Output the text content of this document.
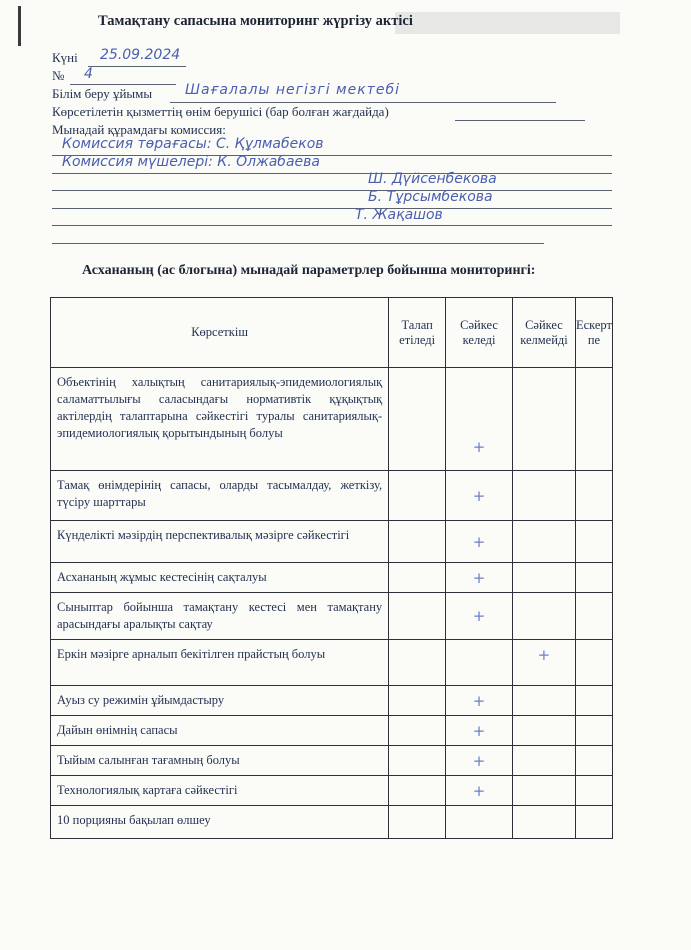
Тамақтану сапасына мониторинг жүргізу актісі
Күні 25.09.2024
№ 4
Білім беру ұйымы Шағалалы негізгі мектебі
Көрсетілетін қызметтің өнім берушісі (бар болған жағдайда)
Мынадай құрамдағы комиссия:
Комиссия төрағасы: С. Құлмабеков
Комиссия мүшелері: К. Олжабаева
Ш. Дүйсенбекова
Б. Тұрсымбекова
Т. Жақашов
Асхананың (ас блогына) мынадай параметрлер бойынша мониторингі:
Көрсеткіш	Талап етіледі	Сәйкес келеді	Сәйкес келмейді	Ескерт пе
Объектінің халықтың санитариялық-эпидемиологиялық саламаттылығы саласындағы нормативтік құқықтық актілердің талаптарына сәйкестігі туралы санитариялық-эпидемиологиялық қорытындының болуы		+		
Тамақ өнімдерінің сапасы, оларды тасымалдау, жеткізу, түсіру шарттары		+		
Күнделікті мәзірдің перспективалық мәзірге сәйкестігі		+		
Асхананың жұмыс кестесінің сақталуы		+		
Сыныптар бойынша тамақтану кестесі мен тамақтану арасындағы аралықты сақтау		+		
Еркін мәзірге арналып бекітілген прайстың болуы			+	
Ауыз су режимін ұйымдастыру		+		
Дайын өнімнің сапасы		+		
Тыйым салынған тағамның болуы		+		
Технологиялық картаға сәйкестігі		+		
10 порцияны бақылап өлшеу				
